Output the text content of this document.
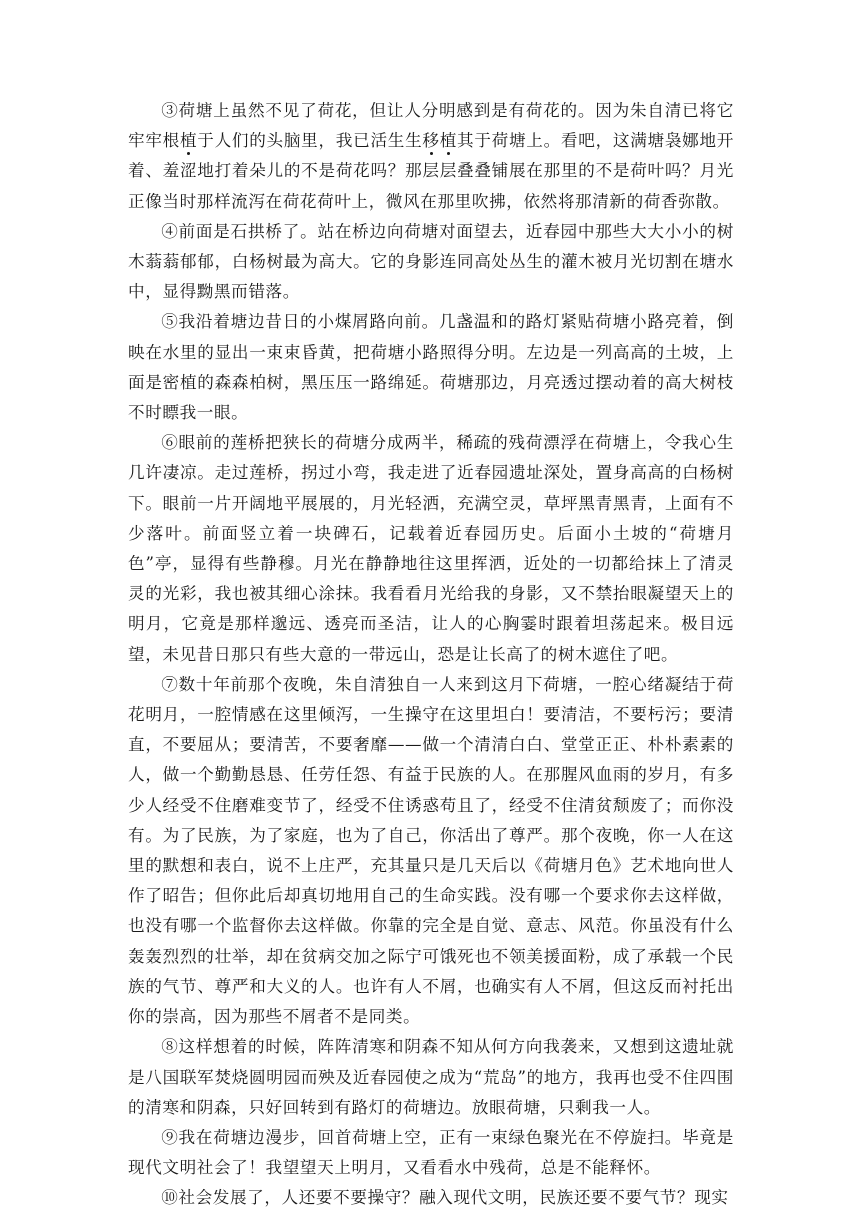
③荷塘上虽然不见了荷花，但让人分明感到是有荷花的。因为朱自清已将它牢牢根植于人们的头脑里，我已活生生移植其于荷塘上。看吧，这满塘袅娜地开着、羞涩地打着朵儿的不是荷花吗？那层层叠叠铺展在那里的不是荷叶吗？月光正像当时那样流泻在荷花荷叶上，微风在那里吹拂，依然将那清新的荷香弥散。

④前面是石拱桥了。站在桥边向荷塘对面望去，近春园中那些大大小小的树木蓊蓊郁郁，白杨树最为高大。它的身影连同高处丛生的灌木被月光切割在塘水中，显得黝黑而错落。

⑤我沿着塘边昔日的小煤屑路向前。几盏温和的路灯紧贴荷塘小路亮着，倒映在水里的显出一束束昏黄，把荷塘小路照得分明。左边是一列高高的土坡，上面是密植的森森柏树，黑压压一路绵延。荷塘那边，月亮透过摆动着的高大树枝不时瞟我一眼。

⑥眼前的莲桥把狭长的荷塘分成两半，稀疏的残荷漂浮在荷塘上，令我心生几许凄凉。走过莲桥，拐过小弯，我走进了近春园遗址深处，置身高高的白杨树下。眼前一片开阔地平展展的，月光轻洒，充满空灵，草坪黑青黑青，上面有不少落叶。前面竖立着一块碑石，记载着近春园历史。后面小土坡的“荷塘月色”亭，显得有些静穆。月光在静静地往这里挥洒，近处的一切都给抹上了清灵灵的光彩，我也被其细心涂抹。我看看月光给我的身影，又不禁抬眼凝望天上的明月，它竟是那样邈远、透亮而圣洁，让人的心胸霎时跟着坦荡起来。极目远望，未见昔日那只有些大意的一带远山，恐是让长高了的树木遮住了吧。

⑦数十年前那个夜晚，朱自清独自一人来到这月下荷塘，一腔心绪凝结于荷花明月，一腔情感在这里倾泻，一生操守在这里坦白！要清洁，不要杇污；要清直，不要屈从；要清苦，不要奢靡——做一个清清白白、堂堂正正、朴朴素素的人，做一个勤勤恳恳、任劳任怨、有益于民族的人。在那腥风血雨的岁月，有多少人经受不住磨难变节了，经受不住诱惑苟且了，经受不住清贫颓废了；而你没有。为了民族，为了家庭，也为了自己，你活出了尊严。那个夜晚，你一人在这里的默想和表白，说不上庄严，充其量只是几天后以《荷塘月色》艺术地向世人作了昭告；但你此后却真切地用自己的生命实践。没有哪一个要求你去这样做，也没有哪一个监督你去这样做。你靠的完全是自觉、意志、风范。你虽没有什么轰轰烈烈的壮举，却在贫病交加之际宁可饿死也不领美援面粉，成了承载一个民族的气节、尊严和大义的人。也许有人不屑，也确实有人不屑，但这反而衬托出你的崇高，因为那些不屑者不是同类。

⑧这样想着的时候，阵阵清寒和阴森不知从何方向我袭来，又想到这遗址就是八国联军焚烧圆明园而殃及近春园使之成为“荒岛”的地方，我再也受不住四围的清寒和阴森，只好回转到有路灯的荷塘边。放眼荷塘，只剩我一人。

⑨我在荷塘边漫步，回首荷塘上空，正有一束绿色聚光在不停旋扫。毕竟是现代文明社会了！我望望天上明月，又看看水中残荷，总是不能释怀。

⑩社会发展了，人还要不要操守？融入现代文明，民族还要不要气节？现实
